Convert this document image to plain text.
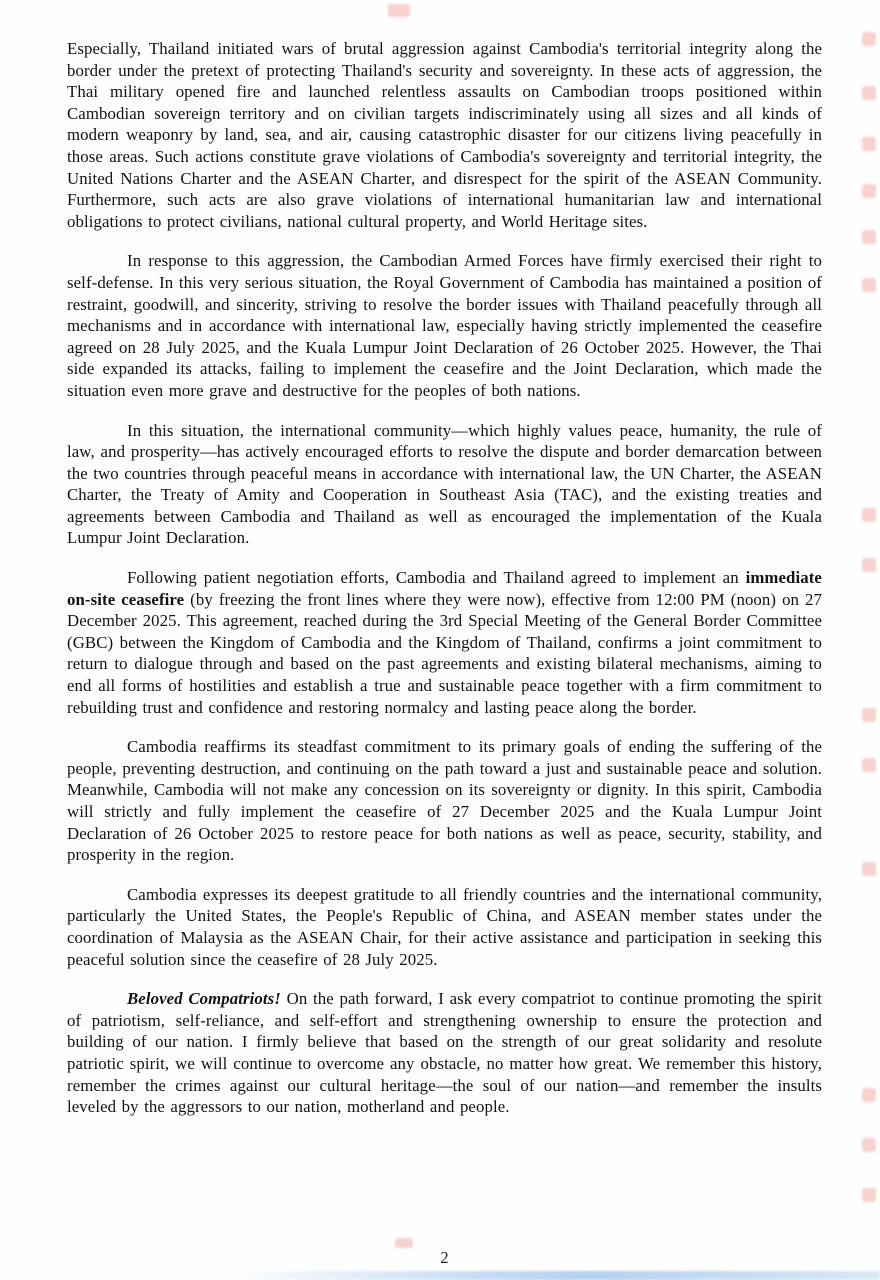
Especially, Thailand initiated wars of brutal aggression against Cambodia's territorial integrity along the border under the pretext of protecting Thailand's security and sovereignty. In these acts of aggression, the Thai military opened fire and launched relentless assaults on Cambodian troops positioned within Cambodian sovereign territory and on civilian targets indiscriminately using all sizes and all kinds of modern weaponry by land, sea, and air, causing catastrophic disaster for our citizens living peacefully in those areas. Such actions constitute grave violations of Cambodia's sovereignty and territorial integrity, the United Nations Charter and the ASEAN Charter, and disrespect for the spirit of the ASEAN Community. Furthermore, such acts are also grave violations of international humanitarian law and international obligations to protect civilians, national cultural property, and World Heritage sites.

In response to this aggression, the Cambodian Armed Forces have firmly exercised their right to self-defense. In this very serious situation, the Royal Government of Cambodia has maintained a position of restraint, goodwill, and sincerity, striving to resolve the border issues with Thailand peacefully through all mechanisms and in accordance with international law, especially having strictly implemented the ceasefire agreed on 28 July 2025, and the Kuala Lumpur Joint Declaration of 26 October 2025. However, the Thai side expanded its attacks, failing to implement the ceasefire and the Joint Declaration, which made the situation even more grave and destructive for the peoples of both nations.

In this situation, the international community—which highly values peace, humanity, the rule of law, and prosperity—has actively encouraged efforts to resolve the dispute and border demarcation between the two countries through peaceful means in accordance with international law, the UN Charter, the ASEAN Charter, the Treaty of Amity and Cooperation in Southeast Asia (TAC), and the existing treaties and agreements between Cambodia and Thailand as well as encouraged the implementation of the Kuala Lumpur Joint Declaration.

Following patient negotiation efforts, Cambodia and Thailand agreed to implement an immediate on-site ceasefire (by freezing the front lines where they were now), effective from 12:00 PM (noon) on 27 December 2025. This agreement, reached during the 3rd Special Meeting of the General Border Committee (GBC) between the Kingdom of Cambodia and the Kingdom of Thailand, confirms a joint commitment to return to dialogue through and based on the past agreements and existing bilateral mechanisms, aiming to end all forms of hostilities and establish a true and sustainable peace together with a firm commitment to rebuilding trust and confidence and restoring normalcy and lasting peace along the border.

Cambodia reaffirms its steadfast commitment to its primary goals of ending the suffering of the people, preventing destruction, and continuing on the path toward a just and sustainable peace and solution. Meanwhile, Cambodia will not make any concession on its sovereignty or dignity. In this spirit, Cambodia will strictly and fully implement the ceasefire of 27 December 2025 and the Kuala Lumpur Joint Declaration of 26 October 2025 to restore peace for both nations as well as peace, security, stability, and prosperity in the region.

Cambodia expresses its deepest gratitude to all friendly countries and the international community, particularly the United States, the People's Republic of China, and ASEAN member states under the coordination of Malaysia as the ASEAN Chair, for their active assistance and participation in seeking this peaceful solution since the ceasefire of 28 July 2025.

Beloved Compatriots! On the path forward, I ask every compatriot to continue promoting the spirit of patriotism, self-reliance, and self-effort and strengthening ownership to ensure the protection and building of our nation. I firmly believe that based on the strength of our great solidarity and resolute patriotic spirit, we will continue to overcome any obstacle, no matter how great. We remember this history, remember the crimes against our cultural heritage—the soul of our nation—and remember the insults leveled by the aggressors to our nation, motherland and people.

2
